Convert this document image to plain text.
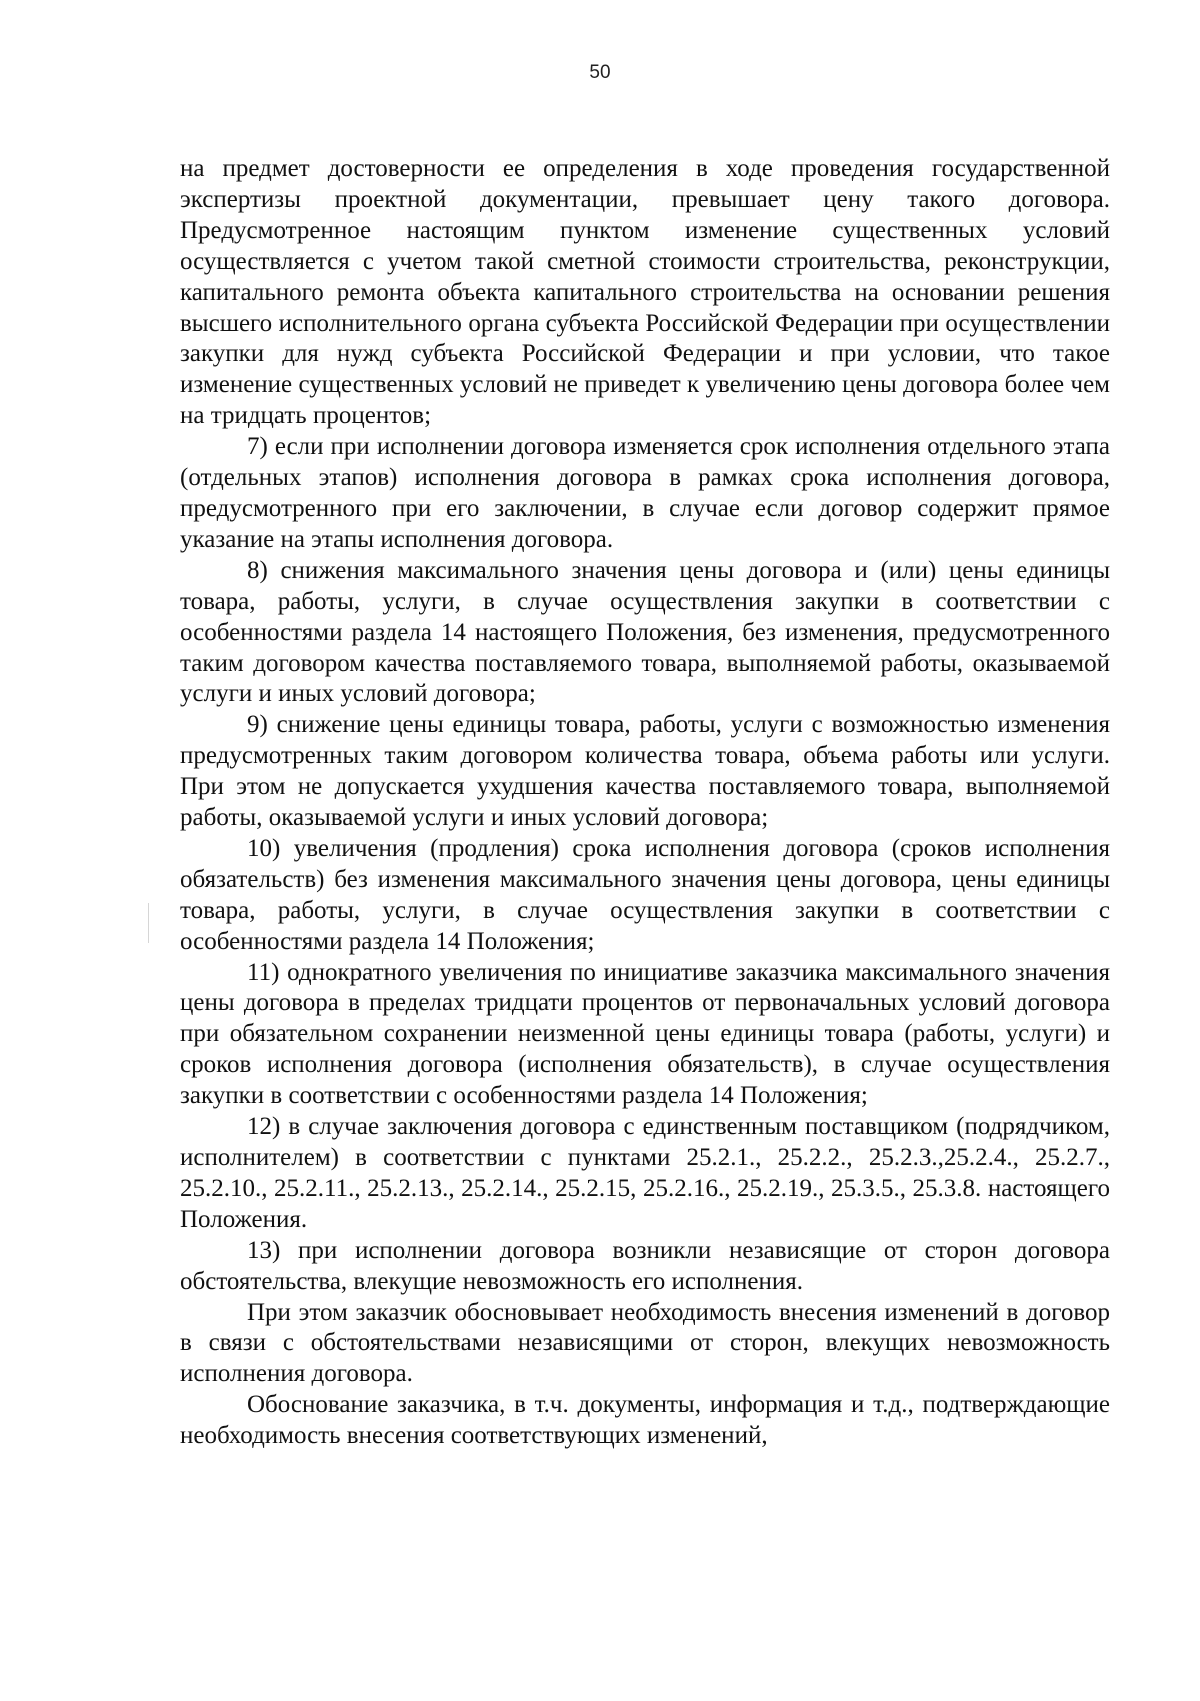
50

на предмет достоверности ее определения в ходе проведения государственной экспертизы проектной документации, превышает цену такого договора. Предусмотренное настоящим пунктом изменение существенных условий осуществляется с учетом такой сметной стоимости строительства, реконструкции, капитального ремонта объекта капитального строительства на основании решения высшего исполнительного органа субъекта Российской Федерации при осуществлении закупки для нужд субъекта Российской Федерации и при условии, что такое изменение существенных условий не приведет к увеличению цены договора более чем на тридцать процентов;

7) если при исполнении договора изменяется срок исполнения отдельного этапа (отдельных этапов) исполнения договора в рамках срока исполнения договора, предусмотренного при его заключении, в случае если договор содержит прямое указание на этапы исполнения договора.

8) снижения максимального значения цены договора и (или) цены единицы товара, работы, услуги, в случае осуществления закупки в соответствии с особенностями раздела 14 настоящего Положения, без изменения, предусмотренного таким договором качества поставляемого товара, выполняемой работы, оказываемой услуги и иных условий договора;

9) снижение цены единицы товара, работы, услуги с возможностью изменения предусмотренных таким договором количества товара, объема работы или услуги. При этом не допускается ухудшения качества поставляемого товара, выполняемой работы, оказываемой услуги и иных условий договора;

10) увеличения (продления) срока исполнения договора (сроков исполнения обязательств) без изменения максимального значения цены договора, цены единицы товара, работы, услуги, в случае осуществления закупки в соответствии с особенностями раздела 14 Положения;

11) однократного увеличения по инициативе заказчика максимального значения цены договора в пределах тридцати процентов от первоначальных условий договора при обязательном сохранении неизменной цены единицы товара (работы, услуги) и сроков исполнения договора (исполнения обязательств), в случае осуществления закупки в соответствии с особенностями раздела 14 Положения;

12) в случае заключения договора с единственным поставщиком (подрядчиком, исполнителем) в соответствии с пунктами 25.2.1., 25.2.2., 25.2.3.,25.2.4., 25.2.7., 25.2.10., 25.2.11., 25.2.13., 25.2.14., 25.2.15, 25.2.16., 25.2.19., 25.3.5., 25.3.8. настоящего Положения.

13) при исполнении договора возникли независящие от сторон договора обстоятельства, влекущие невозможность его исполнения.

При этом заказчик обосновывает необходимость внесения изменений в договор в связи с обстоятельствами независящими от сторон, влекущих невозможность исполнения договора.

Обоснование заказчика, в т.ч. документы, информация и т.д., подтверждающие необходимость внесения соответствующих изменений,
